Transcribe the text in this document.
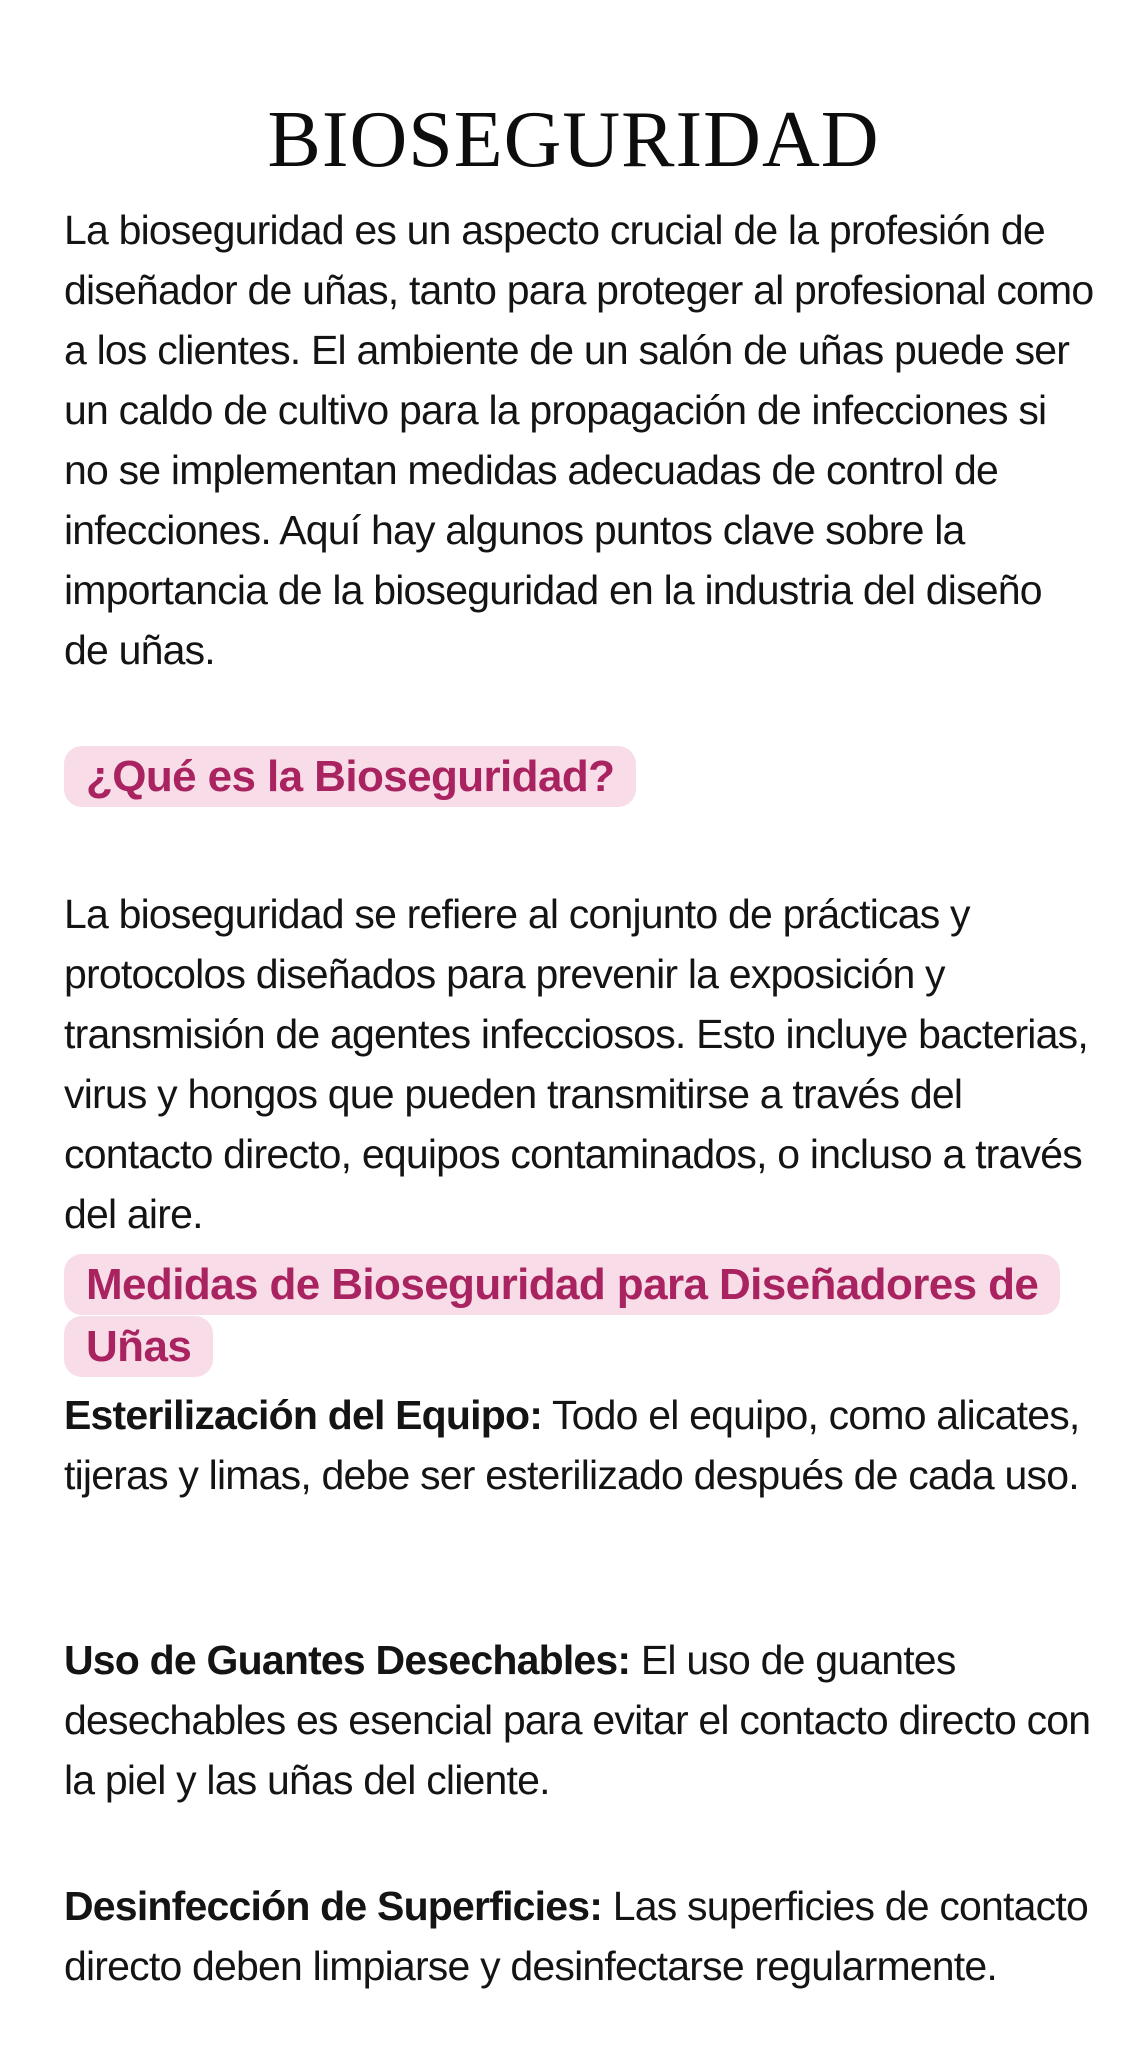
BIOSEGURIDAD

La bioseguridad es un aspecto crucial de la profesión de diseñador de uñas, tanto para proteger al profesional como a los clientes. El ambiente de un salón de uñas puede ser un caldo de cultivo para la propagación de infecciones si no se implementan medidas adecuadas de control de infecciones. Aquí hay algunos puntos clave sobre la importancia de la bioseguridad en la industria del diseño de uñas.

¿Qué es la Bioseguridad?

La bioseguridad se refiere al conjunto de prácticas y protocolos diseñados para prevenir la exposición y transmisión de agentes infecciosos. Esto incluye bacterias, virus y hongos que pueden transmitirse a través del contacto directo, equipos contaminados, o incluso a través del aire.

Medidas de Bioseguridad para Diseñadores de Uñas

Esterilización del Equipo: Todo el equipo, como alicates, tijeras y limas, debe ser esterilizado después de cada uso.

Uso de Guantes Desechables: El uso de guantes desechables es esencial para evitar el contacto directo con la piel y las uñas del cliente.

Desinfección de Superficies: Las superficies de contacto directo deben limpiarse y desinfectarse regularmente.
